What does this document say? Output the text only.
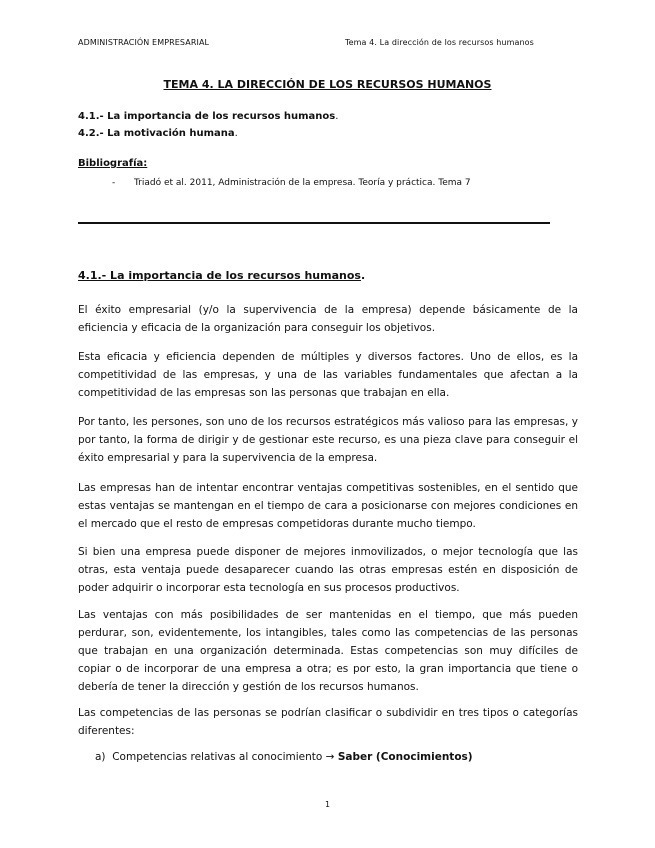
ADMINISTRACIÓN EMPRESARIAL	Tema 4. La dirección de los recursos humanos
TEMA 4. LA DIRECCIÓN DE LOS RECURSOS HUMANOS
4.1.- La importancia de los recursos humanos.
4.2.- La motivación humana.
Bibliografía:
- Triadó et al. 2011, Administración de la empresa. Teoría y práctica. Tema 7
4.1.- La importancia de los recursos humanos.

El éxito empresarial (y/o la supervivencia de la empresa) depende básicamente de la eficiencia y eficacia de la organización para conseguir los objetivos.

Esta eficacia y eficiencia dependen de múltiples y diversos factores. Uno de ellos, es la competitividad de las empresas, y una de las variables fundamentales que afectan a la competitividad de las empresas son las personas que trabajan en ella.

Por tanto, les persones, son uno de los recursos estratégicos más valioso para las empresas, y por tanto, la forma de dirigir y de gestionar este recurso, es una pieza clave para conseguir el éxito empresarial y para la supervivencia de la empresa.

Las empresas han de intentar encontrar ventajas competitivas sostenibles, en el sentido que estas ventajas se mantengan en el tiempo de cara a posicionarse con mejores condiciones en el mercado que el resto de empresas competidoras durante mucho tiempo.

Si bien una empresa puede disponer de mejores inmovilizados, o mejor tecnología que las otras, esta ventaja puede desaparecer cuando las otras empresas estén en disposición de poder adquirir o incorporar esta tecnología en sus procesos productivos.

Las ventajas con más posibilidades de ser mantenidas en el tiempo, que más pueden perdurar, son, evidentemente, los intangibles, tales como las competencias de las personas que trabajan en una organización determinada. Estas competencias son muy difíciles de copiar o de incorporar de una empresa a otra; es por esto, la gran importancia que tiene o debería de tener la dirección y gestión de los recursos humanos.

Las competencias de las personas se podrían clasificar o subdividir en tres tipos o categorías diferentes:

a) Competencias relativas al conocimiento → Saber (Conocimientos)
1
